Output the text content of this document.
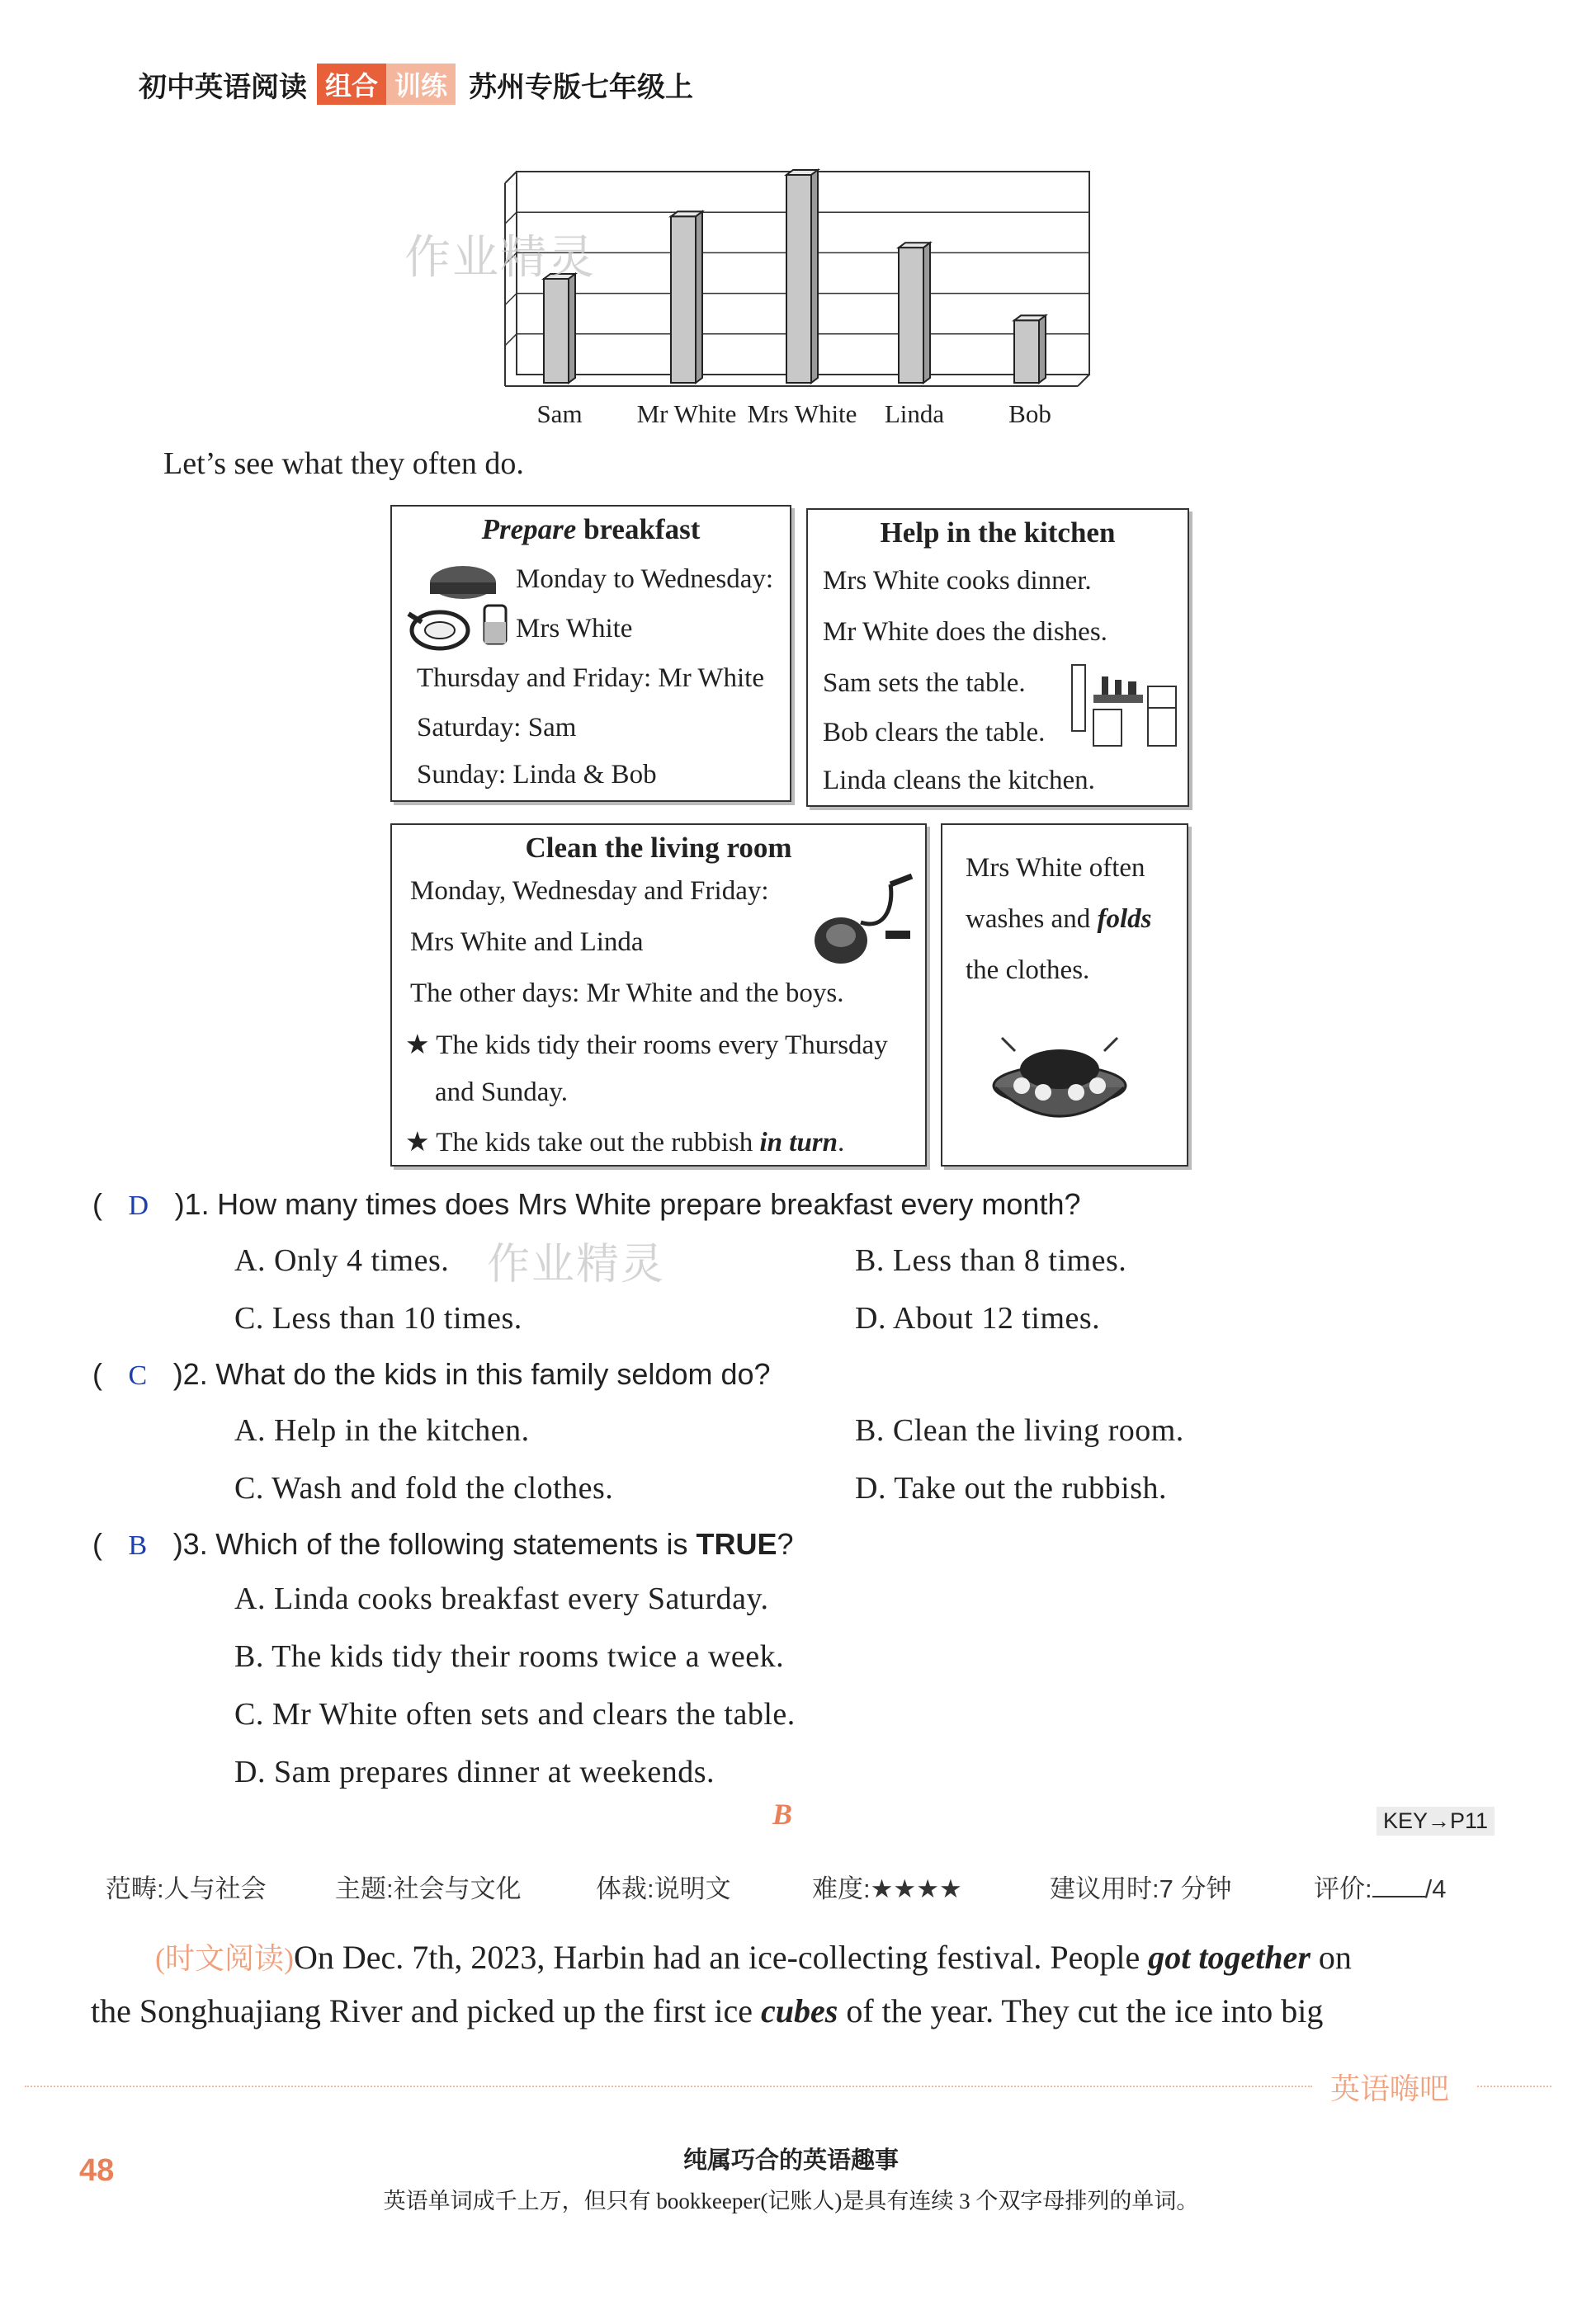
初中英语阅读 组合 训练 苏州专版七年级上
Sam Mr White Mrs White Linda	Bob
作业精灵
Let’s see what they often do.
Prepare breakfast
Monday to Wednesday:
Mrs White
Thursday and Friday: Mr White
Saturday: Sam
Sunday: Linda & Bob
Help in the kitchen
Mrs White cooks dinner.
Mr White does the dishes.
Sam sets the table.
Bob clears the table.
Linda cleans the kitchen.
Clean the living room
Monday, Wednesday and Friday:
Mrs White and Linda
The other days: Mr White and the boys.
★ The kids tidy their rooms every Thursday
and Sunday.
★ The kids take out the rubbish in turn.
Mrs White often
washes and folds
the clothes.
( D )1. How many times does Mrs White prepare breakfast every month?
A. Only 4 times.	B. Less than 8 times.
C. Less than 10 times.	D. About 12 times.
作业精灵
( C )2. What do the kids in this family seldom do?
A. Help in the kitchen.	B. Clean the living room.
C. Wash and fold the clothes.	D. Take out the rubbish.
( B )3. Which of the following statements is TRUE?
A. Linda cooks breakfast every Saturday.
B. The kids tidy their rooms twice a week.
C. Mr White often sets and clears the table.
D. Sam prepares dinner at weekends.
B	KEY→P11
范畴:人与社会	主题:社会与文化	体裁:说明文	难度:★★★★	建议用时:7 分钟	评价: /4
(时文阅读)On Dec. 7th, 2023, Harbin had an ice-collecting festival. People got together on
the Songhuajiang River and picked up the first ice cubes of the year. They cut the ice into big
英语嗨吧
48	纯属巧合的英语趣事
英语单词成千上万，但只有 bookkeeper(记账人)是具有连续 3 个双字母排列的单词。
